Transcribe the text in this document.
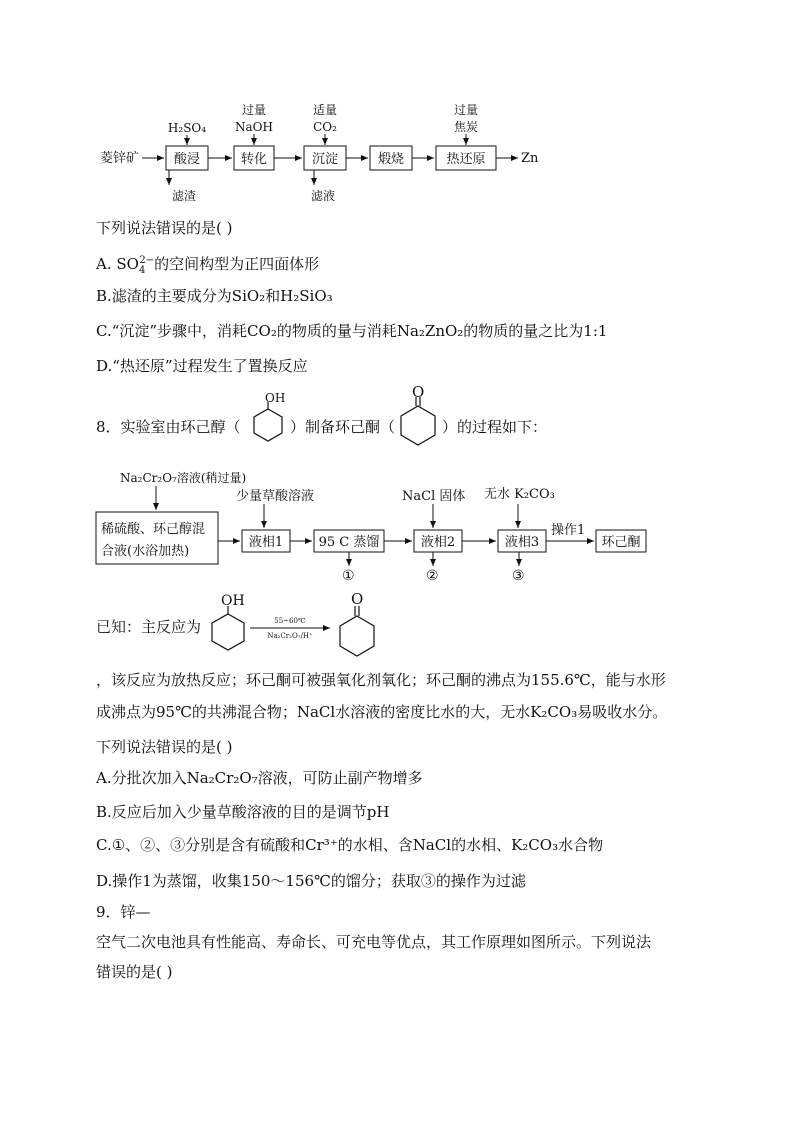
菱锌矿	酸浸	转化	沉淀	煅烧	热还原	Zn
H₂SO₄
过量
NaOH
适量
CO₂
过量
焦炭
滤渣	滤液
下列说法错误的是( )
A. $SO_4^{2-}$的空间构型为正四面体形
B.滤渣的主要成分为SiO₂和H₂SiO₃
C.“沉淀”步骤中，消耗CO₂的物质的量与消耗Na₂ZnO₂的物质的量之比为1:1
D.“热还原”过程发生了置换反应
8．实验室由环己醇（
OH
）制备环己酮（
O
）的过程如下：
Na₂Cr₂O₇溶液(稍过量)
稀硫酸、环己醇混
合液(水浴加热)
少量草酸溶液
液相1	95 C 蒸馏
①
NaCl 固体
液相2
②
无水 K₂CO₃
液相3
③
操作1
环己酮
已知：主反应为
OH
55~60℃
Na₂Cr₂O₇/H⁺
O
，该反应为放热反应；环己酮可被强氧化剂氧化；环己酮的沸点为155.6℃，能与水形
成沸点为95℃的共沸混合物；NaCl水溶液的密度比水的大，无水K₂CO₃易吸收水分。
下列说法错误的是( )
A.分批次加入Na₂Cr₂O₇溶液，可防止副产物增多
B.反应后加入少量草酸溶液的目的是调节pH
C.①、②、③分别是含有硫酸和Cr³⁺的水相、含NaCl的水相、K₂CO₃水合物
D.操作1为蒸馏，收集150～156℃的馏分；获取③的操作为过滤
9．锌—
空气二次电池具有性能高、寿命长、可充电等优点，其工作原理如图所示。下列说法
错误的是( )
